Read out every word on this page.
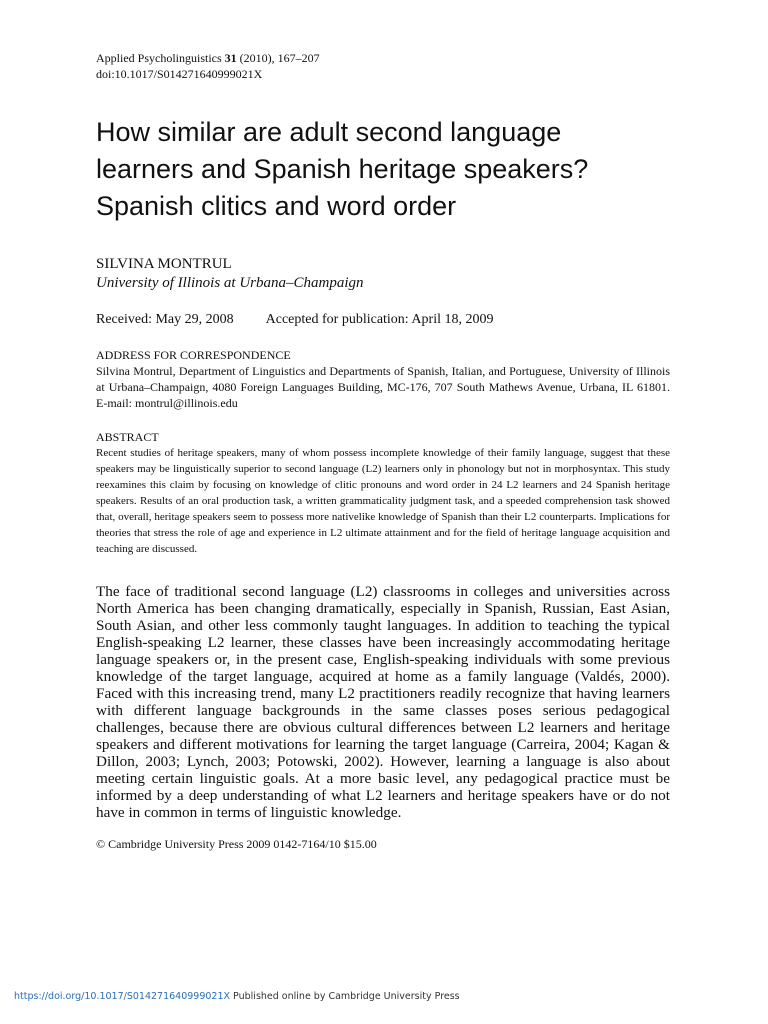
Applied Psycholinguistics 31 (2010), 167–207

doi:10.1017/S014271640999021X

How similar are adult second language learners and Spanish heritage speakers? Spanish clitics and word order

SILVINA MONTRUL

University of Illinois at Urbana–Champaign

Received: May 29, 2008 Accepted for publication: April 18, 2009

ADDRESS FOR CORRESPONDENCE

Silvina Montrul, Department of Linguistics and Departments of Spanish, Italian, and Portuguese, University of Illinois at Urbana–Champaign, 4080 Foreign Languages Building, MC-176, 707 South Mathews Avenue, Urbana, IL 61801. E-mail: montrul@illinois.edu

ABSTRACT

Recent studies of heritage speakers, many of whom possess incomplete knowledge of their family language, suggest that these speakers may be linguistically superior to second language (L2) learners only in phonology but not in morphosyntax. This study reexamines this claim by focusing on knowledge of clitic pronouns and word order in 24 L2 learners and 24 Spanish heritage speakers. Results of an oral production task, a written grammaticality judgment task, and a speeded comprehension task showed that, overall, heritage speakers seem to possess more nativelike knowledge of Spanish than their L2 counterparts. Implications for theories that stress the role of age and experience in L2 ultimate attainment and for the field of heritage language acquisition and teaching are discussed.

The face of traditional second language (L2) classrooms in colleges and universities across North America has been changing dramatically, especially in Spanish, Russian, East Asian, South Asian, and other less commonly taught languages. In addition to teaching the typical English-speaking L2 learner, these classes have been increasingly accommodating heritage language speakers or, in the present case, English-speaking individuals with some previous knowledge of the target language, acquired at home as a family language (Valdés, 2000). Faced with this increasing trend, many L2 practitioners readily recognize that having learners with different language backgrounds in the same classes poses serious pedagogical challenges, because there are obvious cultural differences between L2 learners and heritage speakers and different motivations for learning the target language (Carreira, 2004; Kagan & Dillon, 2003; Lynch, 2003; Potowski, 2002). However, learning a language is also about meeting certain linguistic goals. At a more basic level, any pedagogical practice must be informed by a deep understanding of what L2 learners and heritage speakers have or do not have in common in terms of linguistic knowledge.

© Cambridge University Press 2009 0142-7164/10 $15.00

https://doi.org/10.1017/S014271640999021X Published online by Cambridge University Press
